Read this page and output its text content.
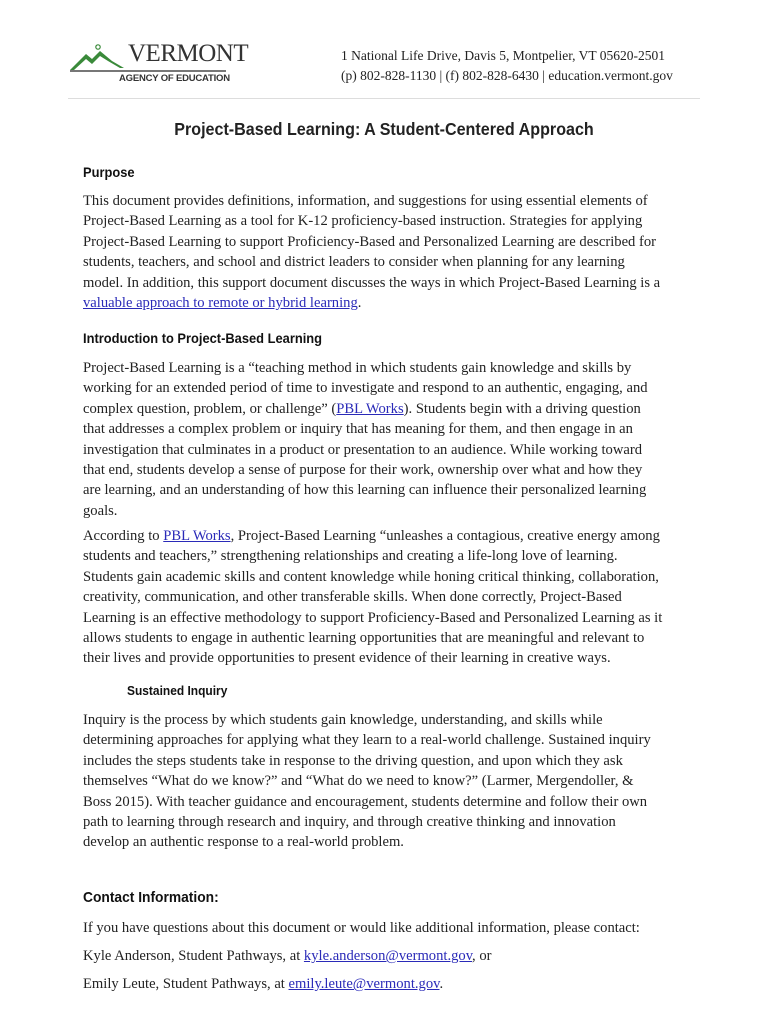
VERMONT
AGENCY OF EDUCATION
1 National Life Drive, Davis 5, Montpelier, VT 05620-2501
(p) 802-828-1130 | (f) 802-828-6430 | education.vermont.gov
Project-Based Learning: A Student-Centered Approach
Purpose
This document provides definitions, information, and suggestions for using essential elements of
Project-Based Learning as a tool for K-12 proficiency-based instruction. Strategies for applying
Project-Based Learning to support Proficiency-Based and Personalized Learning are described for
students, teachers, and school and district leaders to consider when planning for any learning
model. In addition, this support document discusses the ways in which Project-Based Learning is a
valuable approach to remote or hybrid learning.
Introduction to Project-Based Learning
Project-Based Learning is a “teaching method in which students gain knowledge and skills by
working for an extended period of time to investigate and respond to an authentic, engaging, and
complex question, problem, or challenge” (PBL Works). Students begin with a driving question
that addresses a complex problem or inquiry that has meaning for them, and then engage in an
investigation that culminates in a product or presentation to an audience. While working toward
that end, students develop a sense of purpose for their work, ownership over what and how they
are learning, and an understanding of how this learning can influence their personalized learning
goals.
According to PBL Works, Project-Based Learning “unleashes a contagious, creative energy among
students and teachers,” strengthening relationships and creating a life-long love of learning.
Students gain academic skills and content knowledge while honing critical thinking, collaboration,
creativity, communication, and other transferable skills. When done correctly, Project-Based
Learning is an effective methodology to support Proficiency-Based and Personalized Learning as it
allows students to engage in authentic learning opportunities that are meaningful and relevant to
their lives and provide opportunities to present evidence of their learning in creative ways.
Sustained Inquiry
Inquiry is the process by which students gain knowledge, understanding, and skills while
determining approaches for applying what they learn to a real-world challenge. Sustained inquiry
includes the steps students take in response to the driving question, and upon which they ask
themselves “What do we know?” and “What do we need to know?” (Larmer, Mergendoller, &
Boss 2015). With teacher guidance and encouragement, students determine and follow their own
path to learning through research and inquiry, and through creative thinking and innovation
develop an authentic response to a real-world problem.
Contact Information:
If you have questions about this document or would like additional information, please contact:
Kyle Anderson, Student Pathways, at kyle.anderson@vermont.gov, or
Emily Leute, Student Pathways, at emily.leute@vermont.gov.
